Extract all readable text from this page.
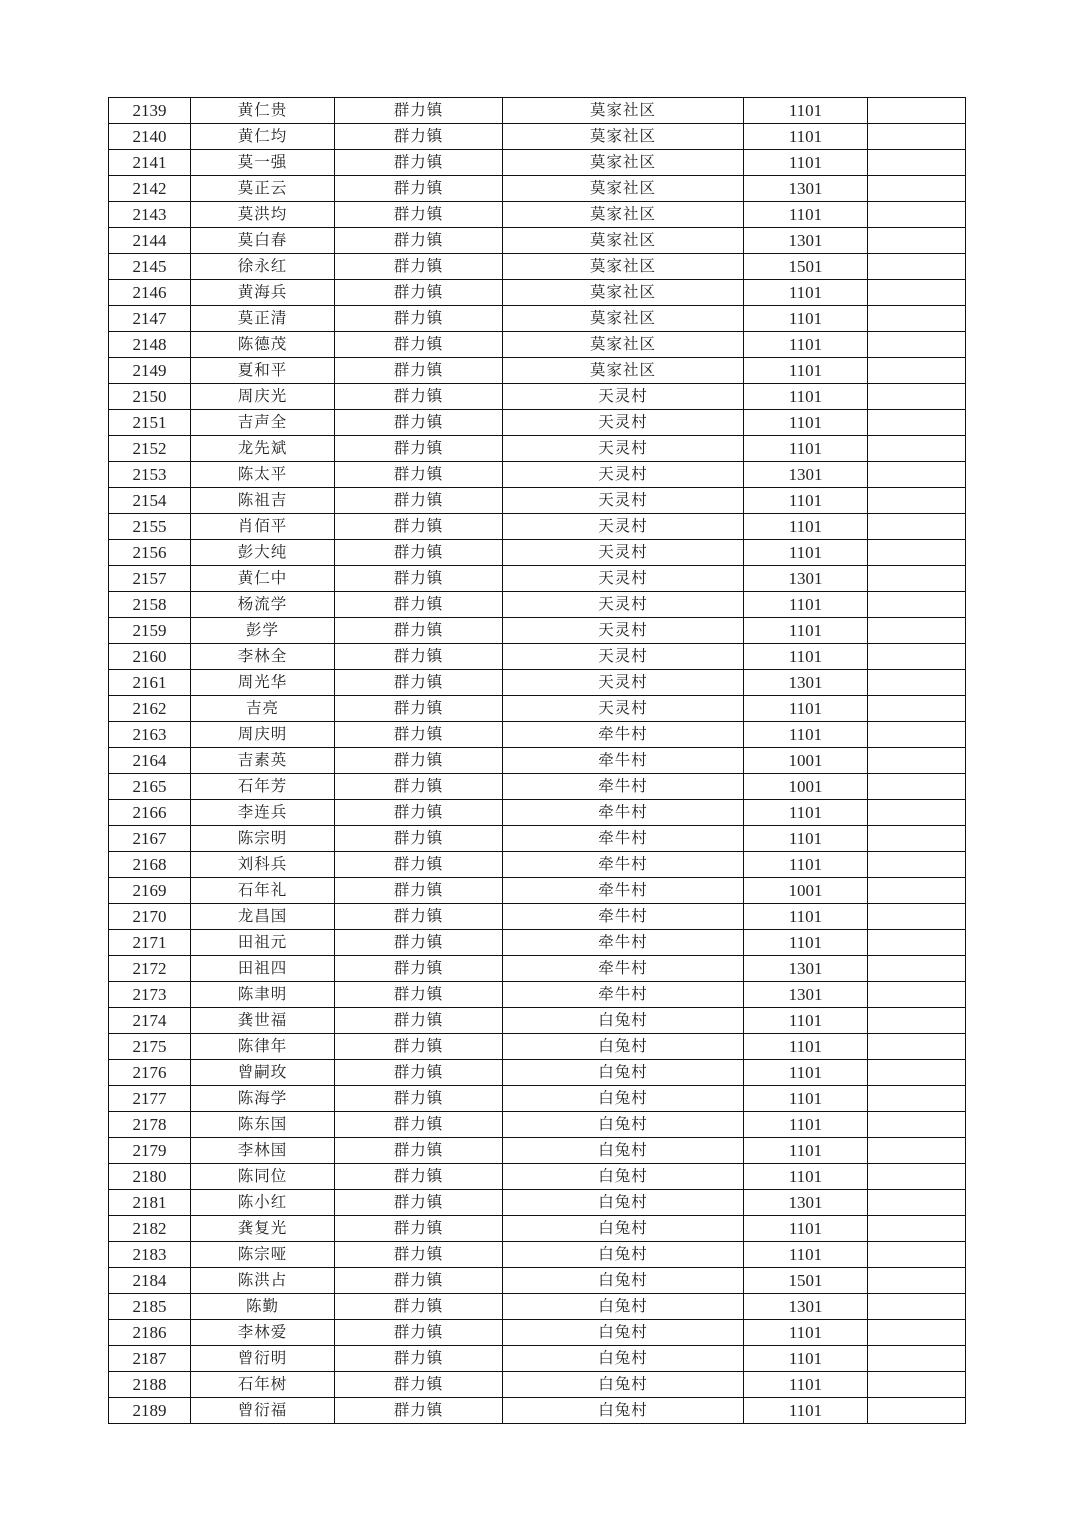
2139	黄仁贵	群力镇	莫家社区	1101	
2140	黄仁均	群力镇	莫家社区	1101	
2141	莫一强	群力镇	莫家社区	1101	
2142	莫正云	群力镇	莫家社区	1301	
2143	莫洪均	群力镇	莫家社区	1101	
2144	莫白春	群力镇	莫家社区	1301	
2145	徐永红	群力镇	莫家社区	1501	
2146	黄海兵	群力镇	莫家社区	1101	
2147	莫正清	群力镇	莫家社区	1101	
2148	陈德茂	群力镇	莫家社区	1101	
2149	夏和平	群力镇	莫家社区	1101	
2150	周庆光	群力镇	天灵村	1101	
2151	吉声全	群力镇	天灵村	1101	
2152	龙先斌	群力镇	天灵村	1101	
2153	陈太平	群力镇	天灵村	1301	
2154	陈祖吉	群力镇	天灵村	1101	
2155	肖佰平	群力镇	天灵村	1101	
2156	彭大纯	群力镇	天灵村	1101	
2157	黄仁中	群力镇	天灵村	1301	
2158	杨流学	群力镇	天灵村	1101	
2159	彭学	群力镇	天灵村	1101	
2160	李林全	群力镇	天灵村	1101	
2161	周光华	群力镇	天灵村	1301	
2162	吉亮	群力镇	天灵村	1101	
2163	周庆明	群力镇	牵牛村	1101	
2164	吉素英	群力镇	牵牛村	1001	
2165	石年芳	群力镇	牵牛村	1001	
2166	李连兵	群力镇	牵牛村	1101	
2167	陈宗明	群力镇	牵牛村	1101	
2168	刘科兵	群力镇	牵牛村	1101	
2169	石年礼	群力镇	牵牛村	1001	
2170	龙昌国	群力镇	牵牛村	1101	
2171	田祖元	群力镇	牵牛村	1101	
2172	田祖四	群力镇	牵牛村	1301	
2173	陈聿明	群力镇	牵牛村	1301	
2174	龚世福	群力镇	白兔村	1101	
2175	陈律年	群力镇	白兔村	1101	
2176	曾嗣玫	群力镇	白兔村	1101	
2177	陈海学	群力镇	白兔村	1101	
2178	陈东国	群力镇	白兔村	1101	
2179	李林国	群力镇	白兔村	1101	
2180	陈同位	群力镇	白兔村	1101	
2181	陈小红	群力镇	白兔村	1301	
2182	龚复光	群力镇	白兔村	1101	
2183	陈宗哑	群力镇	白兔村	1101	
2184	陈洪占	群力镇	白兔村	1501	
2185	陈勤	群力镇	白兔村	1301	
2186	李林爱	群力镇	白兔村	1101	
2187	曾衍明	群力镇	白兔村	1101	
2188	石年树	群力镇	白兔村	1101	
2189	曾衍福	群力镇	白兔村	1101	
